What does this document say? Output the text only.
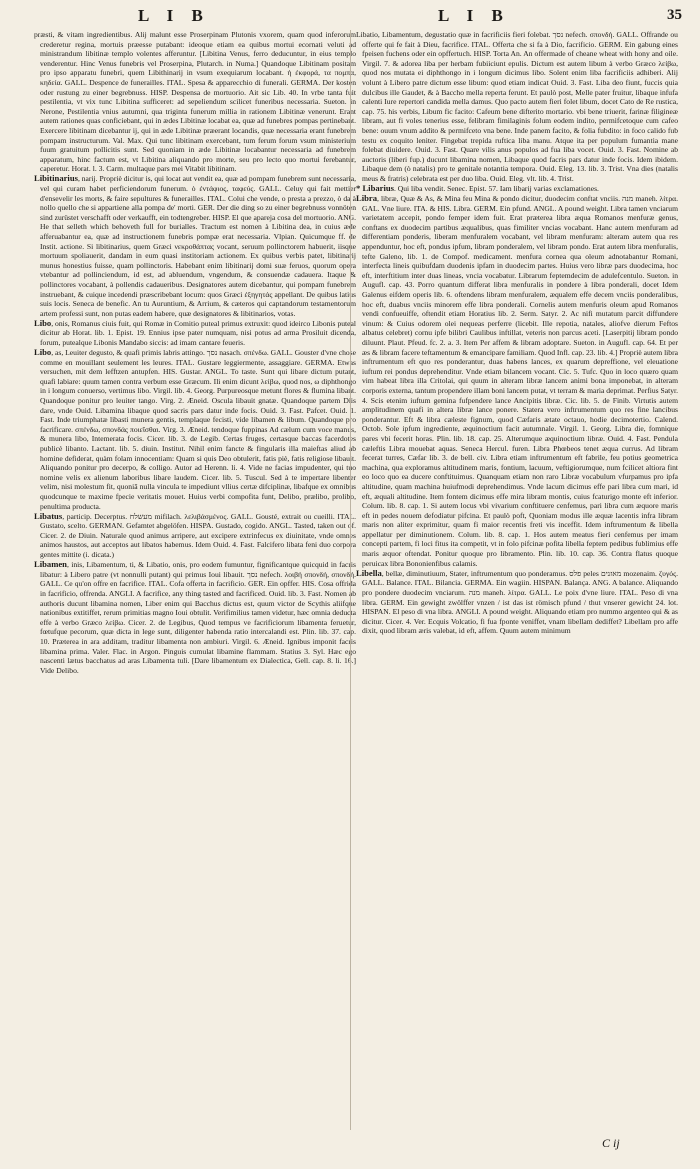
L I B	L I B	35

præsti, & vitam ingredientibus. Alij malunt esse Proserpinam Plutonis vxorem, quam quod inferorum crederetur regina, mortuis præesse putabant: ideoque etiam ea quibus mortui ecornati veluti ad ministrandum libitinæ templo volentes afferuntur. [Libitina Venus, ferro deducuntur, in eius templo venderentur. Hinc Venus funebris vel Proserpina, Plutarch. in Numa.] Quandoque Libitinam positam pro ipso apparatu funebri, quem Libithinarij in vsum exequiarum locabant. ἡ ἐκφορά, τα πομπα, κηδεία. GALL. Despence de funerailles. ITAL. Spesa & apparecchio di funerali. GERMA. Der kosten oder rustung zu einer begrebnuss. HISP. Despensa de mortuorio. Ait sic Lib. 40. In vrbe tanta fuit pestilentia, vt vix tunc Libitina sufficeret: ad sepeliendum scilicet funeribus necessaria. Sueton. in Nerone, Pestilentia vnius autumni, qua triginta funerum millia in rationem Libitinæ venerunt. Erant autem rationes quas conficiebant, qui in ædes Libitinæ locabat ea, quæ ad funebres pompas pertinebant. Exercere libitinam dicebantur ij, qui in æde Libitinæ præerant locandis, quæ necessaria erant funebrem pompam instructurum. Val. Max. Qui tunc libitinam exercebant, tum ferum forum vsum ministerium fuum gratuitum pollicitis sunt. Sed quoniam in æde Libitinæ locabantur necessaria ad funebrem apparatum, hinc factum est, vt Libitina aliquando pro morte, seu pro lecto quo mortui ferebantur, caperetur. Horat. l. 3. Carm. multaque pars mei Vitabit libitinam.

Libitinarius, narij. Propriè dicitur is, qui locat aut vendit ea, quæ ad pompam funebrem sunt necessaria, vel qui curam habet perficiendorum funerum. ὁ ἐντάφιος, ταφεύς. GALL. Celuy qui fait mettier d'ensevelir les morts, & faire sepultures & funerailles. ITAL. Colui che vende, o presta a prezzo, ò da à nollo quello che si appartiene alla pompa de' morti. GER. Der die ding so zu einer begrebnuss vonnöten sind zurüstet verschafft oder verkaufft, ein todtengreber. HISP. El que apareja cosa del mortuorio. ANG. He that selleth which behoveth full for burialles. Tractum est nomen à Libitina dea, in cuius æde afferuabantur ea, quæ ad instructionem funebris pompæ erat necessaria. Vlpian. Quicumque ff. de Instit. actione. Si libitinarius, quem Græci νεκροθάπτας vocant, seruum pollinctorem habuerit, iisque mortuum spoliauerit, dandam in eum quasi institoriam actionem. Ex quibus verbis patet, libitinarij munus honestius fuisse, quam pollinctoris. Habebant enim libitinarij domi suæ feruos, quorum opera vtebantur ad pollinciendum, id est, ad abluendum, vngendum, & consuendæ cadauera. Itaque & pollinctores vocabant, à pollendis cadaueribus. Designatores autem dicebantur, qui pompam funebrem instruebant, & cuique incedendi præscribebant locum: quos Græci ἐξηγητάς appellant. De quibus latius suis locis. Seneca de benefic. An tu Auruntium, & Arrium, & cæteros qui captandorum testamentorum artem professi sunt, non putas eadem habere, quæ designatores & libitinarios, votas.

Libo, onis, Romanus ciuis fuit, qui Romæ in Comitio puteal primus extruxit: quod ideirco Libonis puteal dicitur ab Horat. lib. 1. Epist. 19. Ennius ipse pater numquam, nisi potus ad arma Prosiluit dicenda, forum, putealque Libonis Mandabo siccis: ad imam cantare feueris.

Libo, as, Leuiter degusto, & quafi primis labris attingo. נסך nasach. σπένδω. GALL. Gouster d'vne chose comme en mouillant seulement les leures. ITAL. Gustare leggiermente, assaggiare. GERMA. Etwas versuchen, mit dem lefftzen antupfen. HIS. Gustar. ANGL. To taste. Sunt qui libare dictum putant, quafi labiare: quum tamen contra verbum esse Græcum. Ili enim dicunt λείβω, quod nos, ω diphthongo in i longum conuerso, vertimus libo. Virgil. lib. 4. Georg. Purpureosque metunt flores & flumina libant. Quandoque ponitur pro leuiter tango. Virg. 2. Æneid. Oscula libauit gnatæ. Quandoque partem Diis dare, vnde Ouid. Libamina libaque quod sacris pars datur inde focis. Ouid. 3. Fast. Pafcet. Ouid. 1. Fast. Inde triumphatæ libasti munera gentis, templaque fecisti, vide libamen & libum. Quandoque pro facrificare. σπένδω, σπονδάς ποιεῖσθαι. Virg. 3. Æneid. tendoque fuppinas Ad cælum cum voce manus, & munera libo, Intemerata focis. Cicer. lib. 3. de Legib. Certas fruges, certasque baccas facerdotes publicè libanto. Lactant. lib. 5. diuin. Institut. Nihil enim fancte & fingularis illa maieftas aliud ab homine defiderat, quàm folam innocentiam: Quam si quis Deo obtulerit, fatis piè, fatis religiose libauit. Aliquando ponitur pro decerpo, & colligo. Autor ad Herenn. li. 4. Vide ne facias impudenter, qui tuo nomine velis ex alienum laboribus libare laudem. Cicer. lib. 5. Tuscul. Sed à te impertare libenter velim, nisi molestum fit, quoniā nulla vincula te impediunt vllius certæ difciplinæ, libafque ex omnibus quodcunque te maxime fpecie veritatis mouet. Huius verbi compofita funt, Delibo, prælibo, prolibo, penultima producta.

Libatus, particip. Decerptus. מעשלח mifilach. λελιβάσμένος. GALL. Gousté, extrait ou cueilli. ITAL. Gustato, scelto. GERMAN. Gefamtet abgelöfen. HISPA. Gustado, cogido. ANGL. Tasted, taken out of. Cicer. 2. de Diuin. Naturale quod animus arripere, aut excipere extrinfecus ex diuinitate, vnde omnes animos haustos, aut acceptos aut libatos habemus. Idem Ouid. 4. Fast. Falcifero libata feni duo corpora gentes mittite (i. dicata.)

Libamen, inis, Libamentum, ti, & Libatio, onis, pro eodem fumuntur, fignificantque quicquid in facris libatur: à Libero patre (vt nonnulli putant) qui primus Ioui libauit. נסך nefech. λοιβή σπονδή, σπονδή. GALL. Ce qu'on offre en facrifice. ITAL. Cofa offerta in facrificio. GER. Ein opffer. HIS. Cosa offrida in facrificio, offrenda. ANGLI. A facrifice, any thing tasted and facrificed. Ouid. lib. 3. Fast. Nomen ab authoris ducunt libamina nomen, Liber enim qui Bacchus dictus est, quum victor de Scythis aliifque nationibus extitiffet, rerum primitias magno Ioui obtulit. Verifimilius tamen videtur, hæc omnia deducta effe à verbo Græco λείβω. Cicer. 2. de Legibus, Quod tempus ve facrificiorum libamenta feruetur, fœtufque pecorum, quæ dicta in lege sunt, diligenter habenda ratio intercalandi est. Plin. lib. 37. cap. 10. Præterea in ara additam, traditur libamenta non ambiuri. Virgil. 6. Æneid. Ignibus imponit facris libamina prima. Valer. Flac. in Argon. Pinguis cumulat libamine flammam. Statius 3. Syl. Hæc ego nascenti lætus bacchatus ad aras Libamenta tuli. [Dare libamentum ex Dialectica, Gell. cap. 8. li. 16.] Vide Delibo.

Libatio, Libamentum, degustatio quæ in facrificiis fieri folebat. נסך nefech. σπονδή. GALL. Offrande ou offerte qui fe fait à Dieu, facrifice. ITAL. Offerta che si fa à Dio, facrificio. GERM. Ein gabung eines fpeisen fuchens oder ein opffertuch. HISP. Torta An. An offermade of cheane wheat with hony and oile. Virgil. 7. & adorea liba per herbam fubiiciunt epulis. Dictum est autem libum à verbo Græco λείβω, quod nos mutata ei diphthongo in i longum dicimus libo. Solent enim liba facrificiis adhiberi. Alij volunt à Libero patre dictum esse libum: quod etiam indicat Ouid. 3. Fast. Liba deo fiunt, fuccis quia dulcibus ille Gaudet, & à Baccho mella reperta ferunt. Et paulò post, Melle pater fruitur, libaque infufa calenti Iure repertori candida mella damus. Quo pacto autem fieri folet libum, docet Cato de Re rustica, cap. 75. his verbis, Libum fic facito: Cafeum bene difterito mortario. vbi bene triuerit, farinæ filigineæ libram, aut fi voles tenerius esse, felibram fimilaginis folum eodem indito, permifcetoque cum cafeo bene: ouum vnum addito & permifceto vna bene. Inde panem facito, & folia fubdito: in foco calido fub testu ex coquito leniter. Fingebat trepida ruftica liba manu. Atque ita per populum fumantia mane folebat diuidere. Ouid. 3. Fast. Quare vilis anus populos ad fua liba vocet. Ouid. 3. Fast. Nomine ab auctoris (liberi fup.) ducunt libamina nomen, Libaque quod facris pars datur inde focis. Idem ibidem. Libaque dem (ò natalis) pro te genitale notantia tempora. Ouid. Eleg. 13. lib. 3. Trist. Vna dies (natalis meus & fratris) celebrata est per duo liba. Ouid. Eleg. vlt. lib. 4. Trist.

* Libarius. Qui liba vendit. Senec. Epist. 57. Iam libarij varias exclamationes.

Libra, libræ, Quæ & As, & Mina feu Mina & pondo dicitur, duodecim conftat vnciis. מנה maneh. λίτρα. GAL. Vne liure. ITA. & HIS. Libra. GERM. Ein pfund. ANGL. A pound weight. Libra tamen vnciarum varietatem accepit, pondo femper idem fuit. Erat præterea libra æqua Romanos menfuræ genus, conftans ex duodecim partibus æqualibus, quas fimiliter vncias vocabant. Hanc autem menfuram ad differentiam ponderis, liberam menfuralem vocabant, vel libram menfuram: alteram autem qua res appenduntur, hoc eft, pondus ipfum, libram ponderalem, vel libram pondo. Erat autem libra menfuralis, tefte Galeno, lib. 1. de Compof. medicament. menfura cornea qua oleum adnotabantur Romani, interfecta lineis quibufdam duodenis ipfam in duodecim partes. Huius vero libræ pars duodecima, hoc eft, interftitium inter duas lineas, vncia vocabatur. Librarum feptemdecim de adulefcentulo. Sueton. in Augufl. cap. 43. Porro quantum differat libra menfuralis in pondere à libra ponderali, docet Idem Galenus eifdem operis lib. 6. oftendens libram menfuralem, æqualem effe decem vnciis ponderalibus, hoc eft, duabus vnciis minorem effe libra ponderali. Cornelis autem menfuris oleum apud Romanos vendi confueuiffe, oftendit etiam Horatius lib. 2. Serm. Satyr. 2. Ac nifi mutatum parcit diffundere vinum: & Cuius odorem olei nequeas perferre (licebit. Ille repotia, natales, aliofve dierum Feftos albatus celebret) cornu ipfe bilibri Caulibus inftillat, veteris non parcus aceti. [Laserpitij libram pondo diluunt. Plaut. Pfeud. fc. 2. a. 3. Item Per affem & libram adoptare. Sueton. in Augufl. cap. 64. Et per æs & libram facere teftamentum & emancipare familiam. Quod Infl. cap. 23. lib. 4.] Propriè autem libra inftrumentum eft quo res ponderantur, duas habens lances, ex quarum depreffione, vel eleuatione iuftum rei pondus deprehenditur. Vnde etiam bilancem vocant. Cic. 5. Tufc. Quo in loco quæro quam vim habeat libra illa Critolai, qui quum in alteram libræ lancem animi bona imponebat, in alteram corporis externa, tantum propendere illam boni lancem putat, vt terram & maria deprimat. Perfius Satyr. 4. Scis etenim iuftum gemina fufpendere lance Ancipitis libræ. Cic. lib. 5. de Finib. Virtutis autem amplitudinem quafi in altera libræ lance ponere. Statera vero inftrumentum quo res fine lancibus ponderantur. Eft & libra cæleste fignum, quod Cæfaris ætate octauo, hodie decimotertio. Calend. Octob. Sole ipfum ingrediente, æquinoctium facit autumnale. Virgil. 1. Georg. Libra die, fomnique pares vbi fecerit horas. Plin. lib. 18. cap. 25. Alterumque æquinoctium libræ. Ouid. 4. Fast. Pendula cæleftis Libra mouebat aquas. Seneca Hercul. furen. Libra Phœbeos tenet æqua currus. Ad libram fecerat turres, Cæfar lib. 3. de bell. civ. Libra etiam inftrumentum eft fabrile, feu potius geometrica machina, qua exploramus altitudinem maris, fontium, lacuum, veftigiorumque, num fcilicet altiora fint eo loco quo ea ducere conftituimus. Quanquam etiam non raro Libræ vocabulum vfurpamus pro ipfa altitudine, quam machina huiufmodi deprehendimus. Vnde lacum dicimus effe pari libra cum mari, id eft, æquali altitudine. Item fontem dicimus effe mira libram montis, cuius fcaturigo monte eft inferior. Colum. lib. 8. cap. 1. Si autem locus vbi vivarium conftituere cenfemus, pari libra cum æquore maris eft in pedes nouem defodiatur pifcina. Et paulò poft, Quoniam modus ille æquæ lacentis infra libram maris non aliter exprimitur, quam fi maior recentis freti vis inceffit. Idem inftrumentum & libella appellatur per diminutionem. Colum. lib. 8. cap. 1. Hos autem meatus fieri cenfemus per imam concepti partem, fi loci fitus ita competit, vt in folo pifcinæ pofita libella feptem pedibus fublimius effe maris æquor oftendat. Ponitur quoque pro libramento. Plin. lib. 10. cap. 36. Contra flatus quoque peruicax libra Bononienfibus calamis.

Libella, bellæ, diminutiuum, Stater, inftrumentum quo ponderamus. פלס peles מאזנים mozenaim. ζυγός. GALL. Balance. ITAL. Bilancia. GERMA. Ein wagiin. HISPAN. Balança. ANG. A balance. Aliquando pro pondere duodecim vnciarum. מנה maneh. λίτρα. GALL. Le poix d'vne liure. ITAL. Peso di vna libra. GERM. Ein gewight zwölffer vnzen / ist das ist römisch pfund / thut vnserer gewicht 24. lot. HISPAN. El peso di vna libra. ANGLI. A pound weight. Aliquando etiam pro nummo argenteo qui & as dicitur. Cicer. 4. Ver. Ecquis Volcatio, fi fua fponte veniffet, vnam libellam dediffet? Libellam pro affe dixit, quod libram æris valebat, id eft, affem. Quum autem minimum

C ij
